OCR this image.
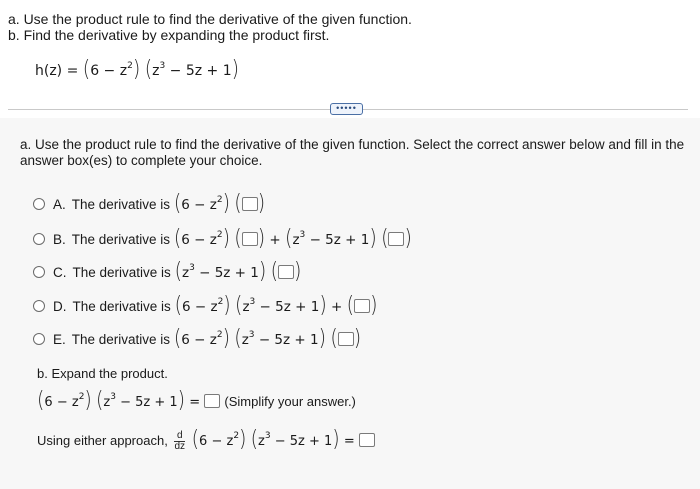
a. Use the product rule to find the derivative of the given function.
b. Find the derivative by expanding the product first.
$h(z) = (6 - z^2)$ $(z^3 - 5z + 1)$
•••••
a. Use the product rule to find the derivative of the given function. Select the correct answer below and fill in the
answer box(es) to complete your choice.
A. The derivative is $(6 - z^2)$ ( )
B. The derivative is $(6 - z^2)$ ( ) + $(z^3 - 5z + 1)$ ( )
C. The derivative is $(z^3 - 5z + 1)$ ( )
D. The derivative is $(6 - z^2)$ $(z^3 - 5z + 1)$ + ( )
E. The derivative is $(6 - z^2)$ $(z^3 - 5z + 1)$ ( )
b. Expand the product.
$(6 - z^2)$ $(z^3 - 5z + 1)$ = (Simplify your answer.)
Using either approach, $\frac{d}{dz} (6 - z^2) (z^3 - 5z + 1)$ =
